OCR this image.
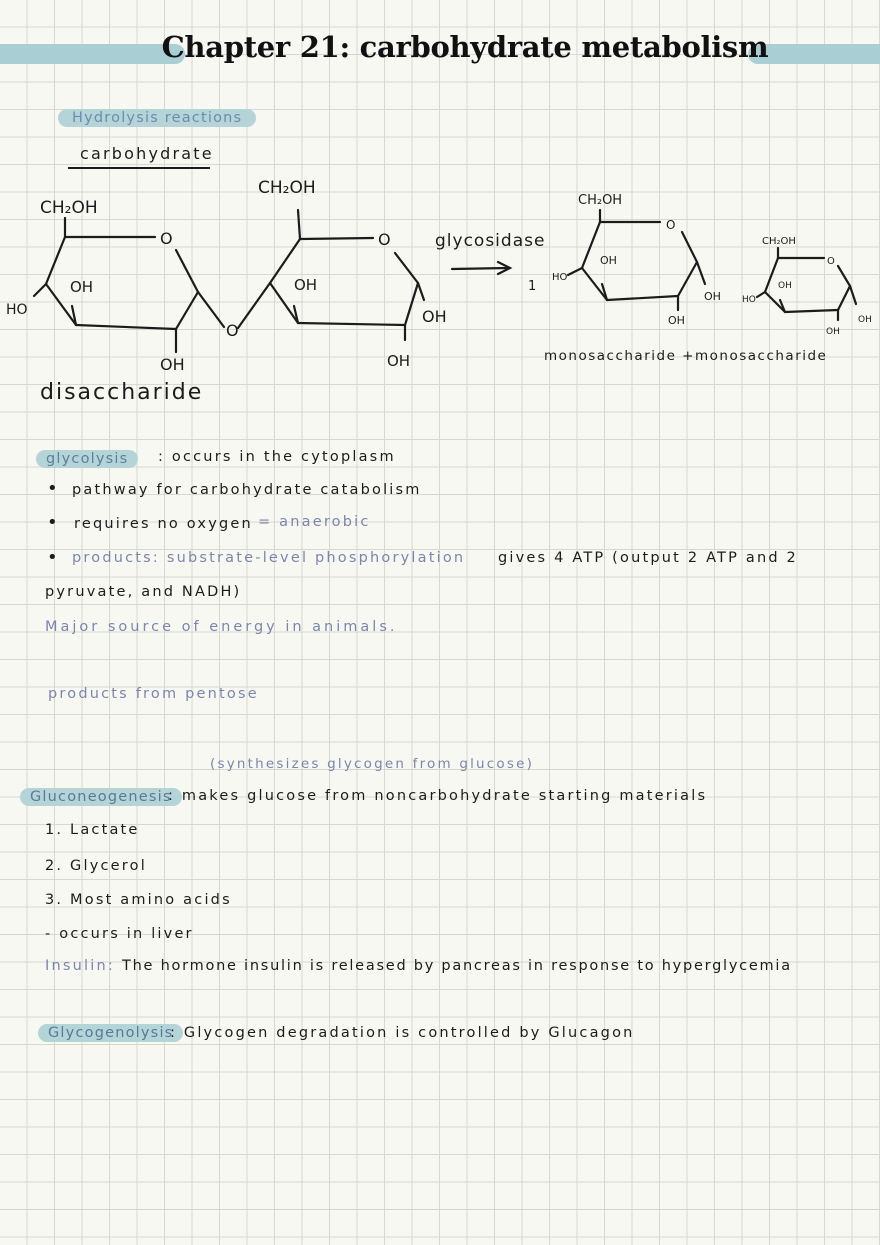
Chapter 21: carbohydrate metabolism
Hydrolysis reactions
carbohydrate
CH₂OH
O
OH
HO
OH
O
CH₂OH
O
OH
OH
OH
glycosidase
1
CH₂OH
O
OH
HO
OH
OH
CH₂OH
O
OH
HO
OH
OH
disaccharide
monosaccharide +monosaccharide
glycolysis	: occurs in the cytoplasm
• pathway for carbohydrate catabolism
• requires no oxygen = anaerobic
• products: substrate-level phosphorylation gives 4 ATP (output 2 ATP and 2
pyruvate, and NADH)
Major source of energy in animals.
products from pentose
(synthesizes glycogen from glucose)
Gluconeogenesis
: makes glucose from noncarbohydrate starting materials
1. Lactate
2. Glycerol
3. Most amino acids
- occurs in liver
Insulin: The hormone insulin is released by pancreas in response to hyperglycemia
Glycogenolysis
: Glycogen degradation is controlled by Glucagon
